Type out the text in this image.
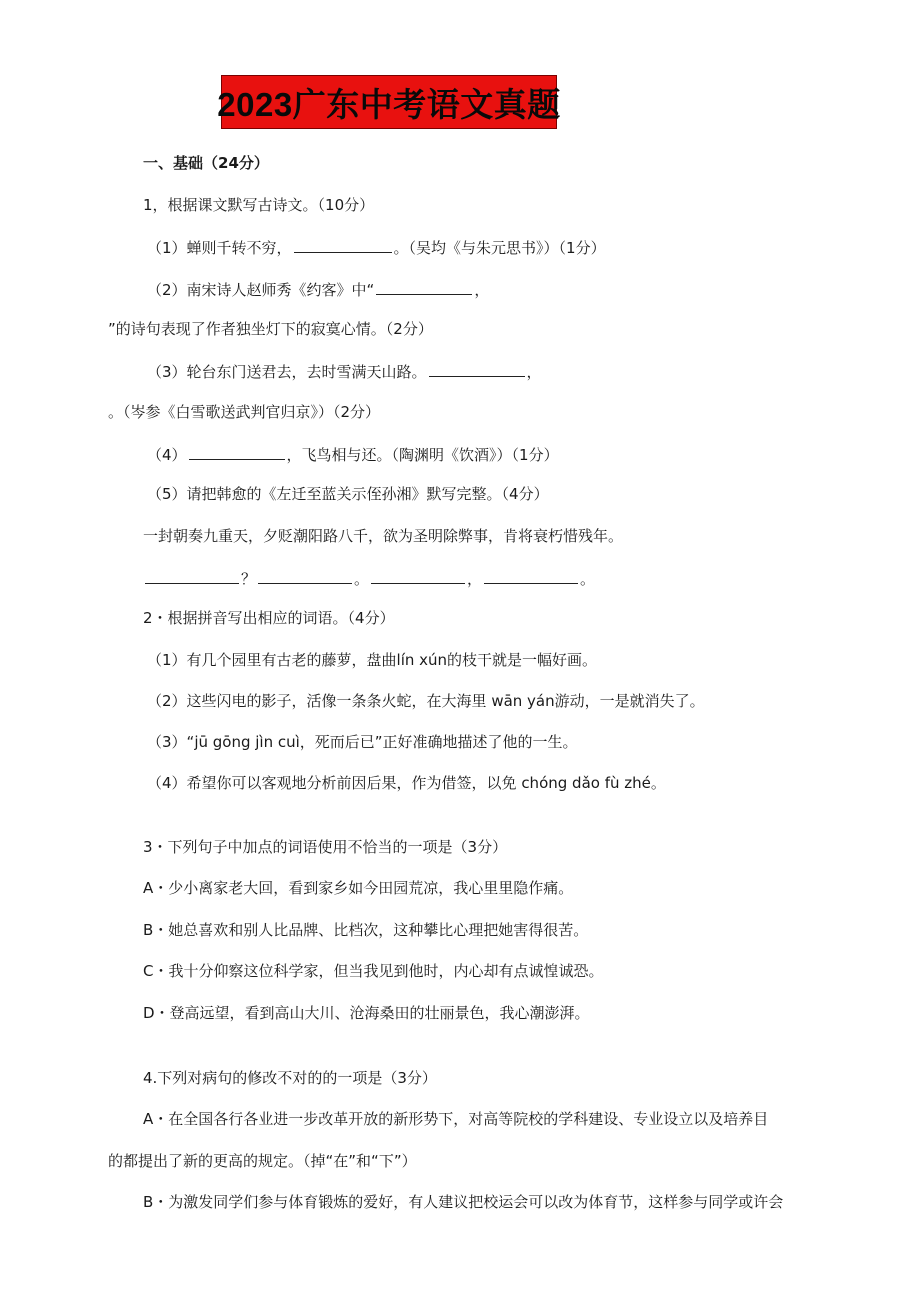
2023广东中考语文真题
一、基础（24分）
1，根据课文默写古诗文。（10分）
（1）蝉则千转不穷，	。（吴均《与朱元思书》）（1分）
（2）南宋诗人赵师秀《约客》中“	，
”的诗句表现了作者独坐灯下的寂寞心情。（2分）
（3）轮台东门送君去，去时雪满天山路。	，
。（岑参《白雪歌送武判官归京》）（2分）
（4）	，飞鸟相与还。（陶渊明《饮酒》）（1分）
（5）请把韩愈的《左迁至蓝关示侄孙湘》默写完整。（4分）
一封朝奏九重天，夕贬潮阳路八千，欲为圣明除弊事，肯将衰朽惜残年。
？	。	，	。
2・根据拼音写出相应的词语。（4分）
（1）有几个园里有古老的藤萝，盘曲lín xún的枝干就是一幅好画。
（2）这些闪电的影子，活像一条条火蛇，在大海里 wān yán游动，一是就消失了。
（3）“jū gōng jìn cuì，死而后已”正好准确地描述了他的一生。
（4）希望你可以客观地分析前因后果，作为借签，以免 chóng dǎo fù zhé。
3・下列句子中加点的词语使用不恰当的一项是（3分）
A・少小离家老大回，看到家乡如今田园荒凉，我心里里隐作痛。
B・她总喜欢和别人比品牌、比档次，这种攀比心理把她害得很苦。
C・我十分仰察这位科学家，但当我见到他时，内心却有点诚惶诚恐。
D・登高远望，看到高山大川、沧海桑田的壮丽景色，我心潮澎湃。
4.下列对病句的修改不对的的一项是（3分）
A・在全国各行各业进一步改革开放的新形势下，对高等院校的学科建设、专业设立以及培养目
的都提出了新的更高的规定。（掉“在”和“下”）
B・为激发同学们参与体育锻炼的爱好，有人建议把校运会可以改为体育节，这样参与同学或许会
